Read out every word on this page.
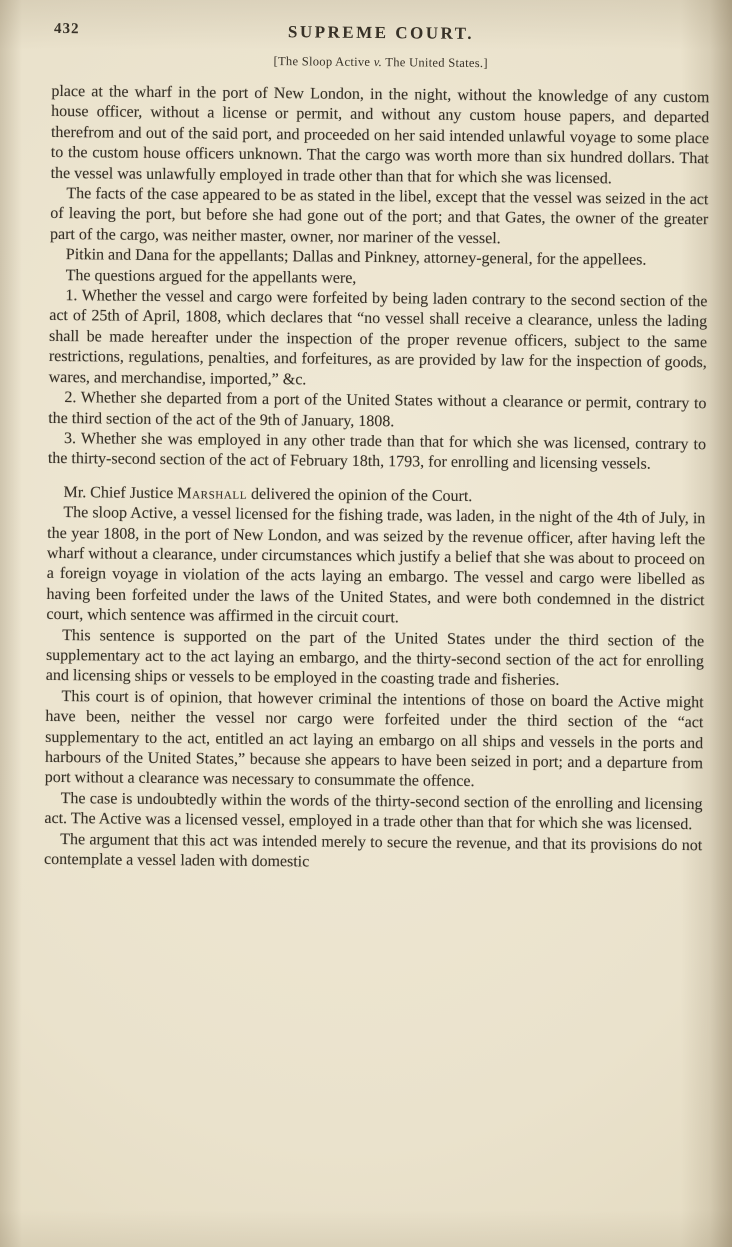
432	SUPREME COURT.
[The Sloop Active v. The United States.]

place at the wharf in the port of New London, in the night, without the knowledge of any custom house officer, without a license or permit, and without any custom house papers, and departed therefrom and out of the said port, and proceeded on her said intended unlawful voyage to some place to the custom house officers unknown. That the cargo was worth more than six hundred dollars. That the vessel was unlawfully employed in trade other than that for which she was licensed.

The facts of the case appeared to be as stated in the libel, except that the vessel was seized in the act of leaving the port, but before she had gone out of the port; and that Gates, the owner of the greater part of the cargo, was neither master, owner, nor mariner of the vessel.

Pitkin and Dana for the appellants; Dallas and Pinkney, attorney-general, for the appellees.

The questions argued for the appellants were,

1. Whether the vessel and cargo were forfeited by being laden contrary to the second section of the act of 25th of April, 1808, which declares that “no vessel shall receive a clearance, unless the lading shall be made hereafter under the inspection of the proper revenue officers, subject to the same restrictions, regulations, penalties, and forfeitures, as are provided by law for the inspection of goods, wares, and merchandise, imported,” &c.

2. Whether she departed from a port of the United States without a clearance or permit, contrary to the third section of the act of the 9th of January, 1808.

3. Whether she was employed in any other trade than that for which she was licensed, contrary to the thirty-second section of the act of February 18th, 1793, for enrolling and licensing vessels.

Mr. Chief Justice Marshall delivered the opinion of the Court.

The sloop Active, a vessel licensed for the fishing trade, was laden, in the night of the 4th of July, in the year 1808, in the port of New London, and was seized by the revenue officer, after having left the wharf without a clearance, under circumstances which justify a belief that she was about to proceed on a foreign voyage in violation of the acts laying an embargo. The vessel and cargo were libelled as having been forfeited under the laws of the United States, and were both condemned in the district court, which sentence was affirmed in the circuit court.

This sentence is supported on the part of the United States under the third section of the supplementary act to the act laying an embargo, and the thirty-second section of the act for enrolling and licensing ships or vessels to be employed in the coasting trade and fisheries.

This court is of opinion, that however criminal the intentions of those on board the Active might have been, neither the vessel nor cargo were forfeited under the third section of the “act supplementary to the act, entitled an act laying an embargo on all ships and vessels in the ports and harbours of the United States,” because she appears to have been seized in port; and a departure from port without a clearance was necessary to consummate the offence.

The case is undoubtedly within the words of the thirty-second section of the enrolling and licensing act. The Active was a licensed vessel, employed in a trade other than that for which she was licensed.

The argument that this act was intended merely to secure the revenue, and that its provisions do not contemplate a vessel laden with domestic
